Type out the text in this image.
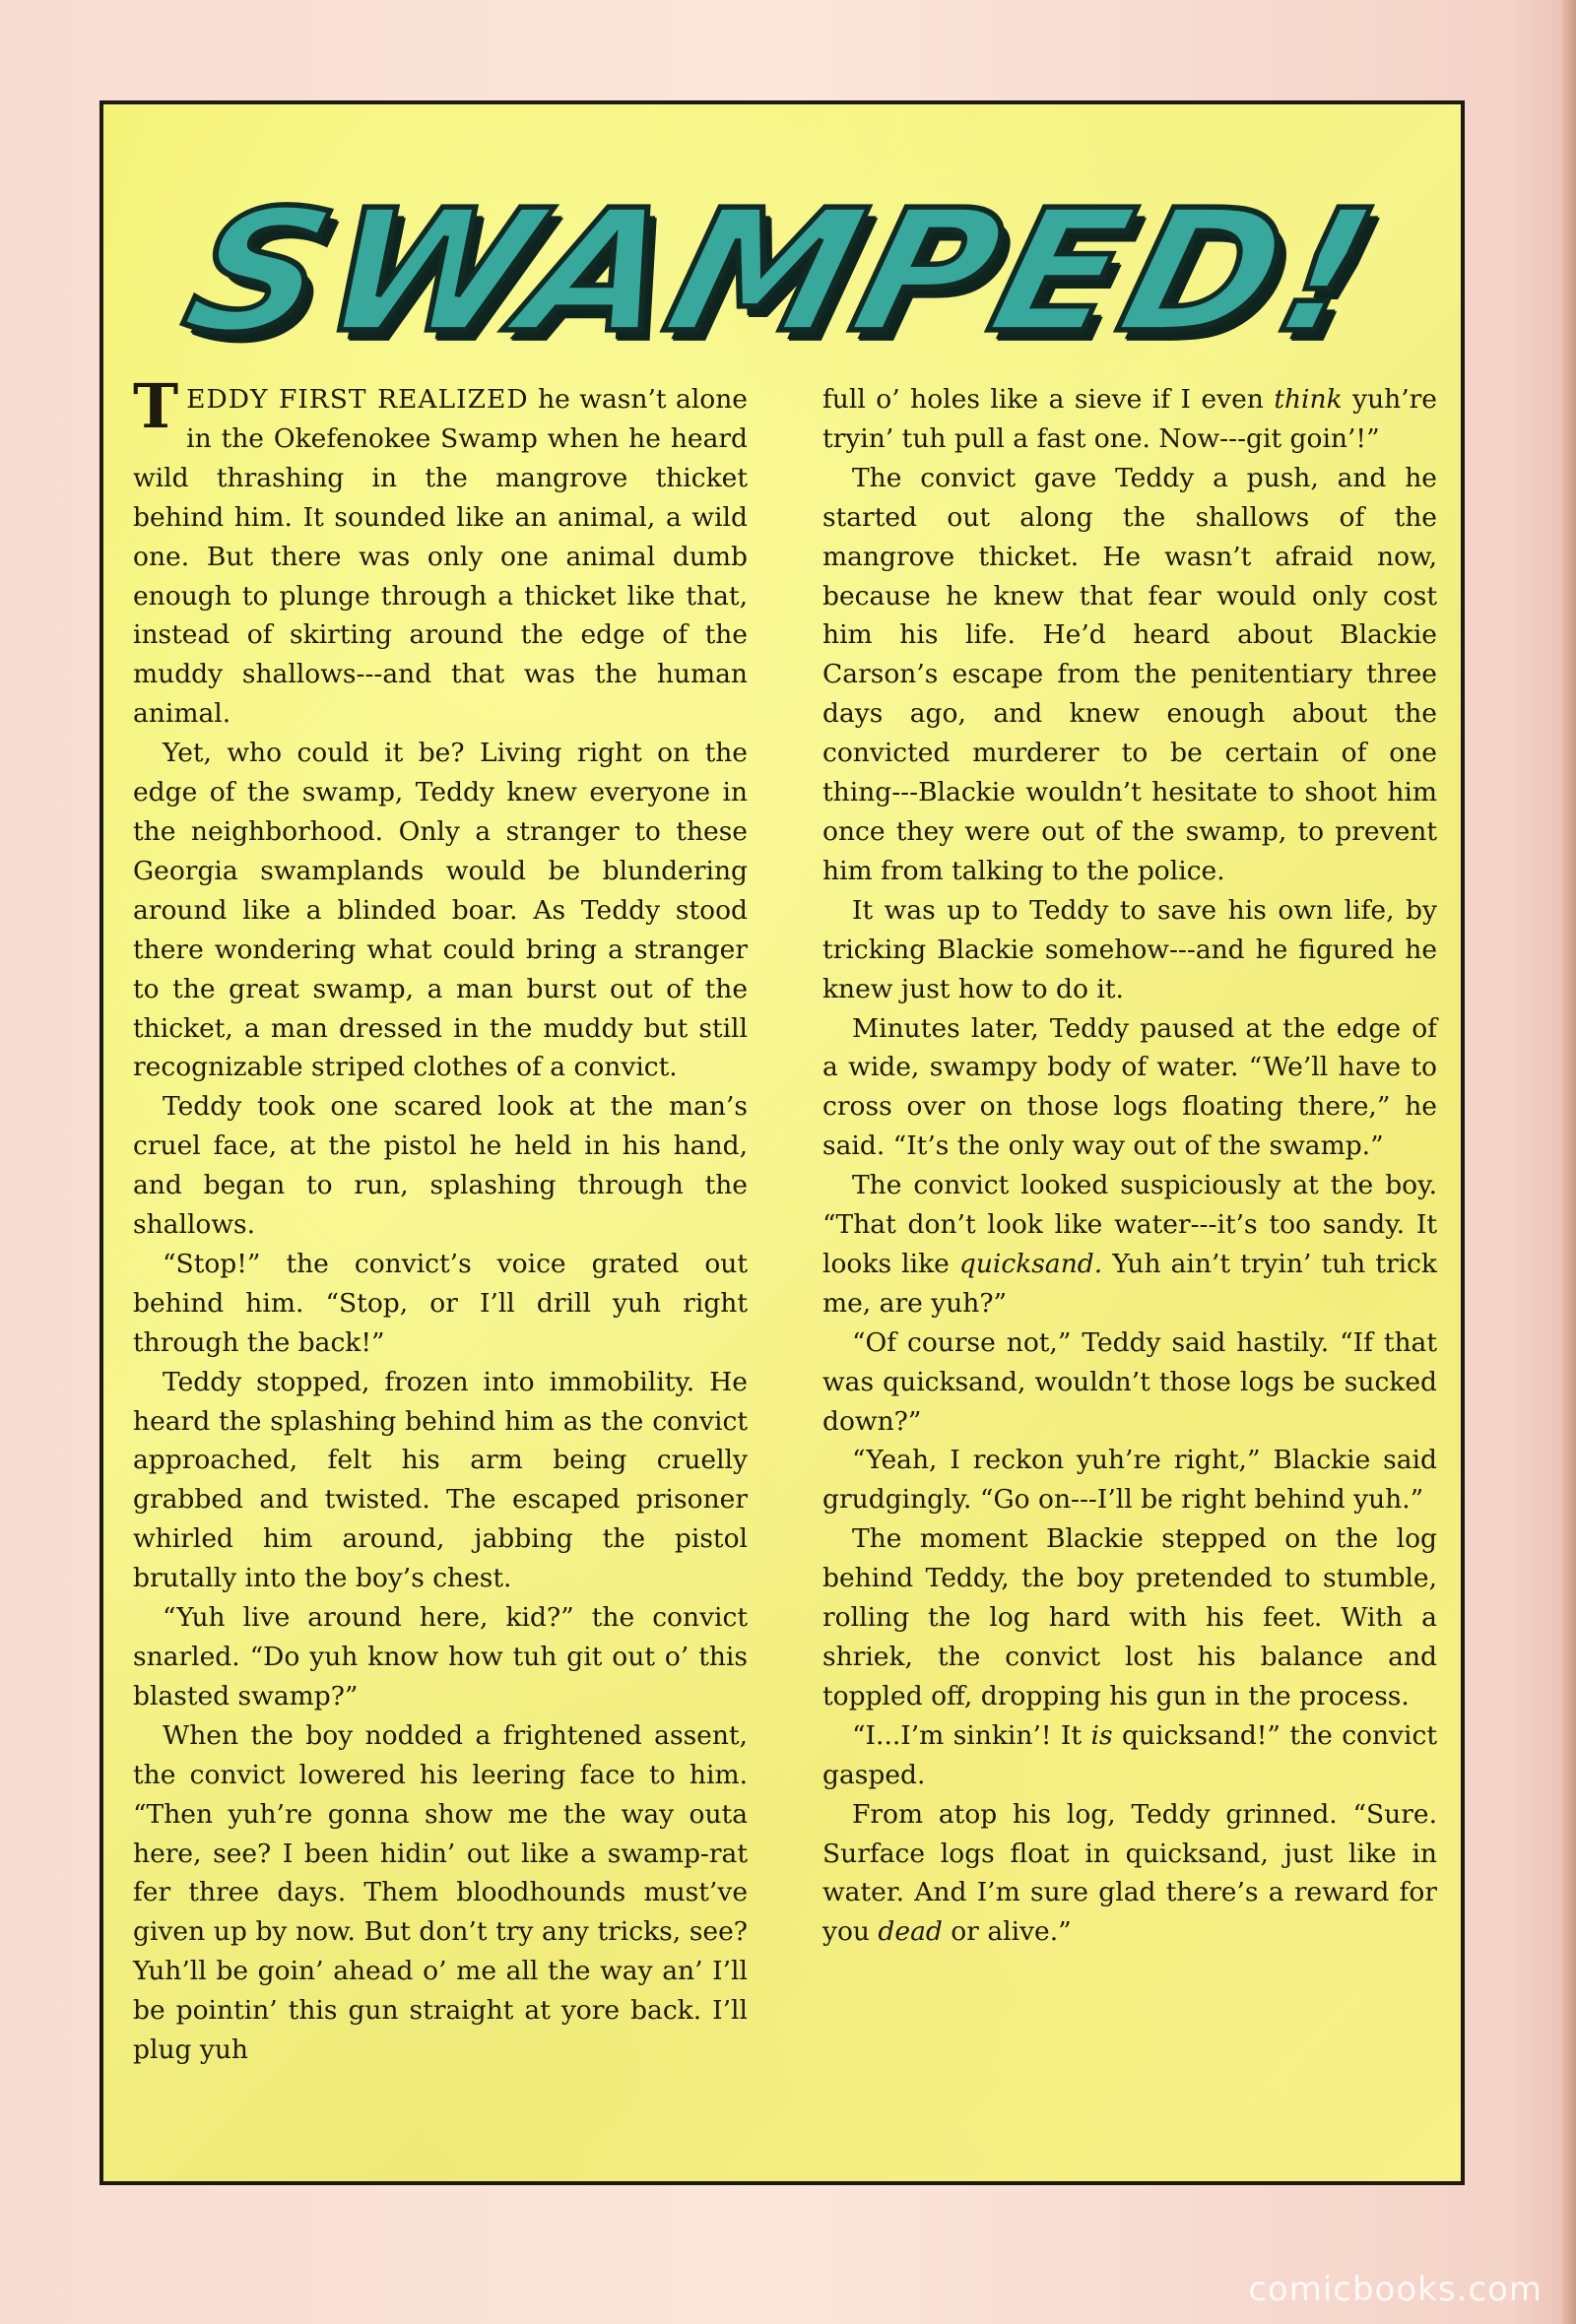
SWAMPED!

TEDDY FIRST REALIZED he wasn’t alone in the Okefenokee Swamp when he heard wild thrashing in the mangrove thicket behind him. It sounded like an animal, a wild one. But there was only one animal dumb enough to plunge through a thicket like that, instead of skirting around the edge of the muddy shallows---and that was the human animal.

Yet, who could it be? Living right on the edge of the swamp, Teddy knew everyone in the neighborhood. Only a stranger to these Georgia swamplands would be blundering around like a blinded boar. As Teddy stood there wondering what could bring a stranger to the great swamp, a man burst out of the thicket, a man dressed in the muddy but still recognizable striped clothes of a convict.

Teddy took one scared look at the man’s cruel face, at the pistol he held in his hand, and began to run, splashing through the shallows.

“Stop!” the convict’s voice grated out behind him. “Stop, or I’ll drill yuh right through the back!”

Teddy stopped, frozen into immobility. He heard the splashing behind him as the convict approached, felt his arm being cruelly grabbed and twisted. The escaped prisoner whirled him around, jabbing the pistol brutally into the boy’s chest.

“Yuh live around here, kid?” the convict snarled. “Do yuh know how tuh git out o’ this blasted swamp?”

When the boy nodded a frightened assent, the convict lowered his leering face to him. “Then yuh’re gonna show me the way outa here, see? I been hidin’ out like a swamp-rat fer three days. Them bloodhounds must’ve given up by now. But don’t try any tricks, see? Yuh’ll be goin’ ahead o’ me all the way an’ I’ll be pointin’ this gun straight at yore back. I’ll plug yuh

full o’ holes like a sieve if I even think yuh’re tryin’ tuh pull a fast one. Now---git goin’!”

The convict gave Teddy a push, and he started out along the shallows of the mangrove thicket. He wasn’t afraid now, because he knew that fear would only cost him his life. He’d heard about Blackie Carson’s escape from the penitentiary three days ago, and knew enough about the convicted murderer to be certain of one thing---Blackie wouldn’t hesitate to shoot him once they were out of the swamp, to prevent him from talking to the police.

It was up to Teddy to save his own life, by tricking Blackie somehow---and he figured he knew just how to do it.

Minutes later, Teddy paused at the edge of a wide, swampy body of water. “We’ll have to cross over on those logs floating there,” he said. “It’s the only way out of the swamp.”

The convict looked suspiciously at the boy. “That don’t look like water---it’s too sandy. It looks like quicksand. Yuh ain’t tryin’ tuh trick me, are yuh?”

“Of course not,” Teddy said hastily. “If that was quicksand, wouldn’t those logs be sucked down?”

“Yeah, I reckon yuh’re right,” Blackie said grudgingly. “Go on---I’ll be right behind yuh.”

The moment Blackie stepped on the log behind Teddy, the boy pretended to stumble, rolling the log hard with his feet. With a shriek, the convict lost his balance and toppled off, dropping his gun in the process.

“I...I’m sinkin’! It is quicksand!” the convict gasped.

From atop his log, Teddy grinned. “Sure. Surface logs float in quicksand, just like in water. And I’m sure glad there’s a reward for you dead or alive.”

comicbooks.com
